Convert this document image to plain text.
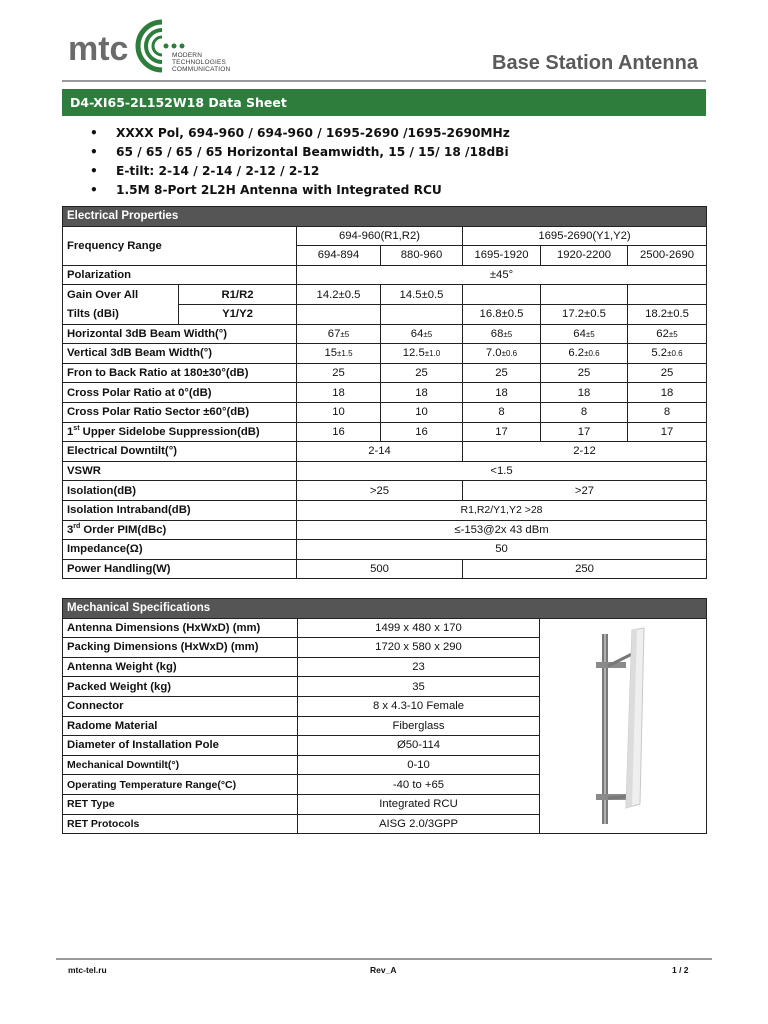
mtc	MODERN
TECHNOLOGIES
COMMUNICATION	Base Station Antenna
D4-XI65-2L152W18 Data Sheet
• XXXX Pol, 694-960 / 694-960 / 1695-2690 /1695-2690MHz
• 65 / 65 / 65 / 65 Horizontal Beamwidth, 15 / 15/ 18 /18dBi
• E-tilt: 2-14 / 2-14 / 2-12 / 2-12
• 1.5M 8-Port 2L2H Antenna with Integrated RCU
Electrical Properties						
Frequency Range		694-960(R1,R2)		1695-2690(Y1,Y2)		
		694-894	880-960	1695-1920	1920-2200	2500-2690
Polarization		±45°				
Gain Over All	R1/R2	14.2±0.5	14.5±0.5			
Tilts (dBi)	Y1/Y2			16.8±0.5	17.2±0.5	18.2±0.5
Horizontal 3dB Beam Width(°)		67±5	64±5	68±5	64±5	62±5
Vertical 3dB Beam Width(°)		15±1.5	12.5±1.0	7.0±0.6	6.2±0.6	5.2±0.6
Fron to Back Ratio at 180±30°(dB)		25	25	25	25	25
Cross Polar Ratio at 0°(dB)		18	18	18	18	18
Cross Polar Ratio Sector ±60°(dB)		10	10	8	8	8
1st Upper Sidelobe Suppression(dB)		16	16	17	17	17
Electrical Downtilt(°)		2-14		2-12		
VSWR		<1.5				
Isolation(dB)		>25		>27		
Isolation Intraband(dB)		R1,R2/Y1,Y2 >28				
3rd Order PIM(dBc)		≤-153@2x 43 dBm				
Impedance(Ω)		50				
Power Handling(W)		500		250		
Mechanical Specifications		
Antenna Dimensions (HxWxD) (mm)	1499 x 480 x 170	
Packing Dimensions (HxWxD) (mm)	1720 x 580 x 290	
Antenna Weight (kg)	23	
Packed Weight (kg)	35	
Connector	8 x 4.3-10 Female	
Radome Material	Fiberglass	
Diameter of Installation Pole	Ø50-114	
Mechanical Downtilt(°)	0-10	
Operating Temperature Range(°C)	-40 to +65	
RET Type	Integrated RCU	
RET Protocols	AISG 2.0/3GPP	
mtc-tel.ru	Rev_A	1 / 2
